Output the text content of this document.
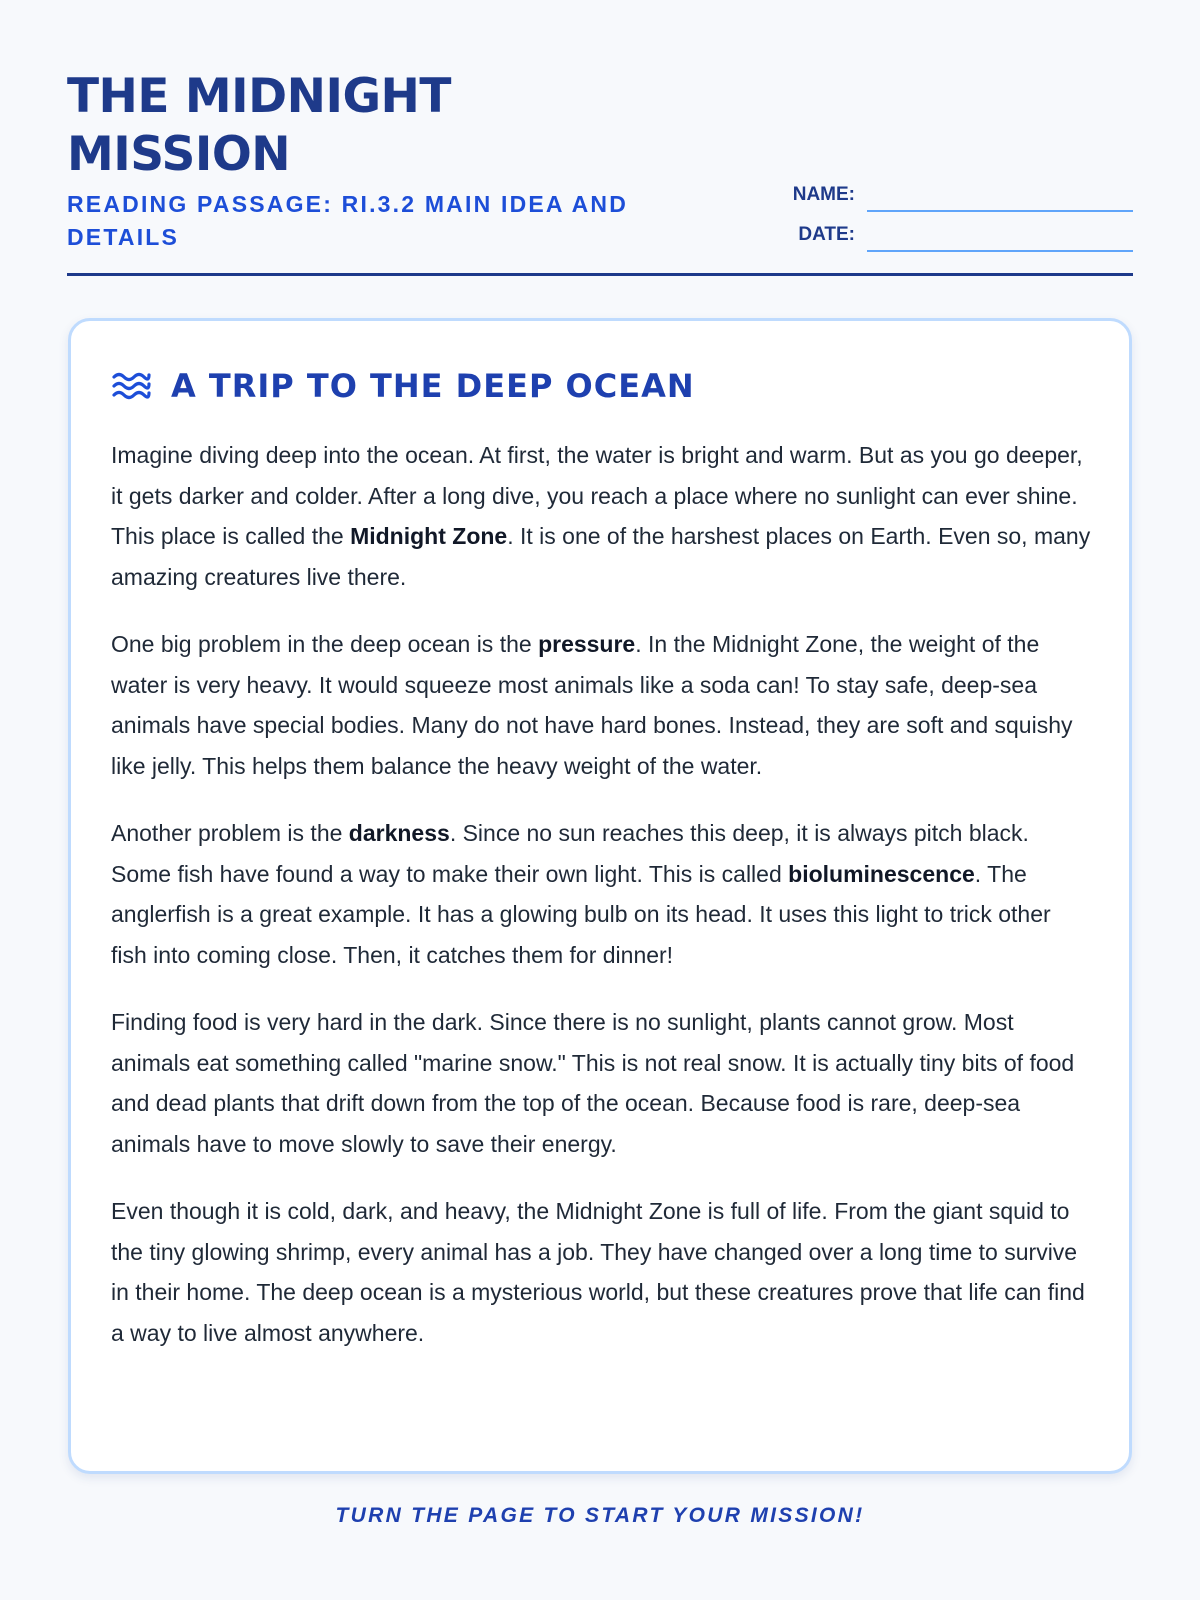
THE MIDNIGHT MISSION
READING PASSAGE: RI.3.2 MAIN IDEA AND DETAILS
NAME:
DATE:
A TRIP TO THE DEEP OCEAN

Imagine diving deep into the ocean. At first, the water is bright and warm. But as you go deeper, it gets darker and colder. After a long dive, you reach a place where no sunlight can ever shine. This place is called the Midnight Zone. It is one of the harshest places on Earth. Even so, many amazing creatures live there.

One big problem in the deep ocean is the pressure. In the Midnight Zone, the weight of the water is very heavy. It would squeeze most animals like a soda can! To stay safe, deep-sea animals have special bodies. Many do not have hard bones. Instead, they are soft and squishy like jelly. This helps them balance the heavy weight of the water.

Another problem is the darkness. Since no sun reaches this deep, it is always pitch black. Some fish have found a way to make their own light. This is called bioluminescence. The anglerfish is a great example. It has a glowing bulb on its head. It uses this light to trick other fish into coming close. Then, it catches them for dinner!

Finding food is very hard in the dark. Since there is no sunlight, plants cannot grow. Most animals eat something called "marine snow." This is not real snow. It is actually tiny bits of food and dead plants that drift down from the top of the ocean. Because food is rare, deep-sea animals have to move slowly to save their energy.

Even though it is cold, dark, and heavy, the Midnight Zone is full of life. From the giant squid to the tiny glowing shrimp, every animal has a job. They have changed over a long time to survive in their home. The deep ocean is a mysterious world, but these creatures prove that life can find a way to live almost anywhere.

TURN THE PAGE TO START YOUR MISSION!
